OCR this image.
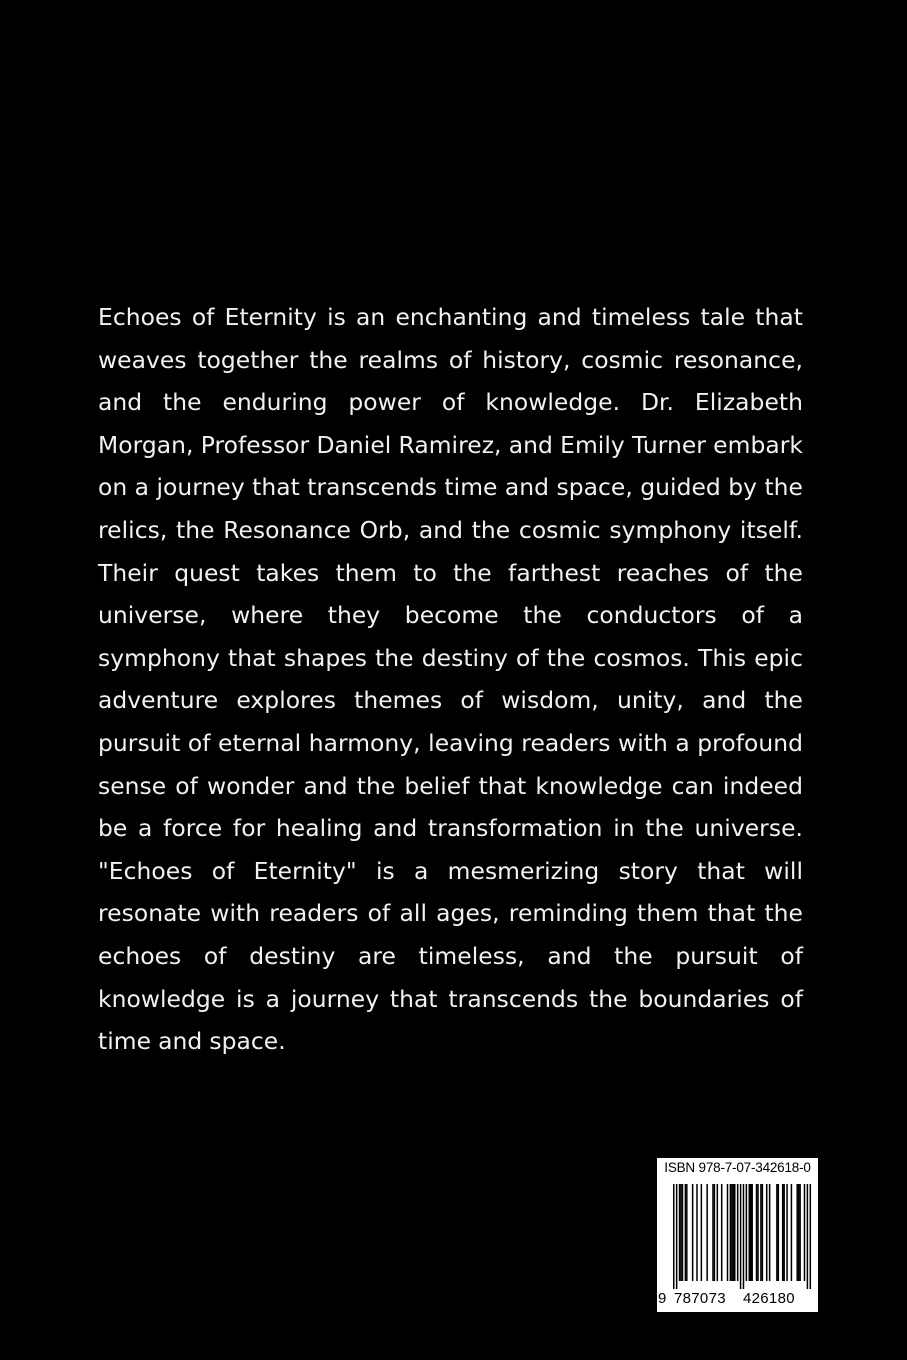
Echoes of Eternity is an enchanting and timeless tale that weaves together the realms of history, cosmic resonance, and the enduring power of knowledge. Dr. Elizabeth Morgan, Professor Daniel Ramirez, and Emily Turner embark on a journey that transcends time and space, guided by the relics, the Resonance Orb, and the cosmic symphony itself. Their quest takes them to the farthest reaches of the universe, where they become the conductors of a symphony that shapes the destiny of the cosmos. This epic adventure explores themes of wisdom, unity, and the pursuit of eternal harmony, leaving readers with a profound sense of wonder and the belief that knowledge can indeed be a force for healing and transformation in the universe. "Echoes of Eternity" is a mesmerizing story that will resonate with readers of all ages, reminding them that the echoes of destiny are timeless, and the pursuit of knowledge is a journey that transcends the boundaries of time and space.

ISBN 978-7-07-342618-0
9 787073 426180
